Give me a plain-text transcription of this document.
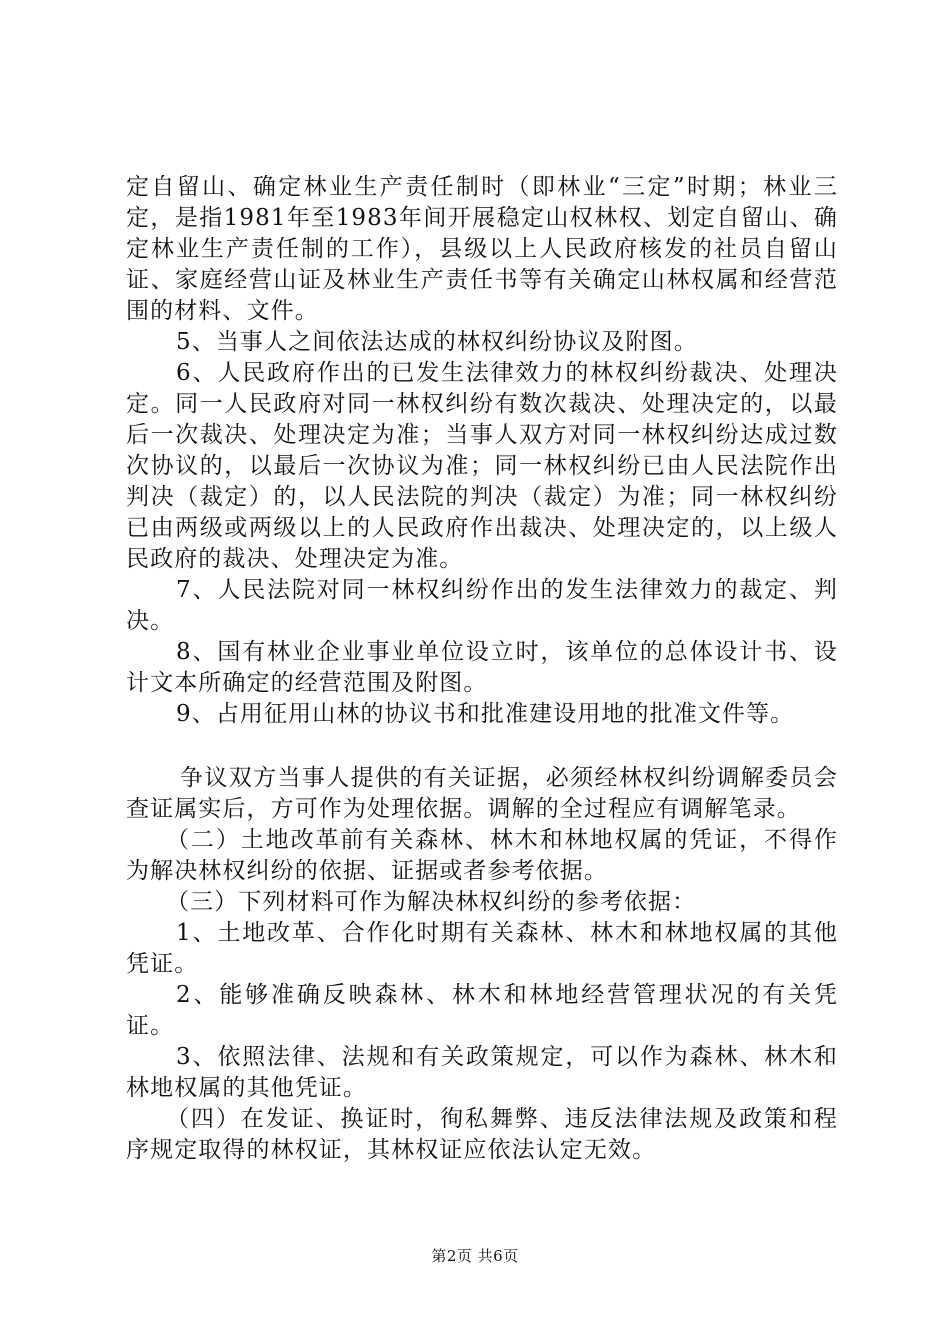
定自留山、确定林业生产责任制时（即林业“三定”时期；林业三定，是指1981年至1983年间开展稳定山权林权、划定自留山、确定林业生产责任制的工作），县级以上人民政府核发的社员自留山证、家庭经营山证及林业生产责任书等有关确定山林权属和经营范围的材料、文件。

5、当事人之间依法达成的林权纠纷协议及附图。

6、人民政府作出的已发生法律效力的林权纠纷裁决、处理决定。同一人民政府对同一林权纠纷有数次裁决、处理决定的，以最后一次裁决、处理决定为准；当事人双方对同一林权纠纷达成过数次协议的，以最后一次协议为准；同一林权纠纷已由人民法院作出判决（裁定）的，以人民法院的判决（裁定）为准；同一林权纠纷已由两级或两级以上的人民政府作出裁决、处理决定的，以上级人民政府的裁决、处理决定为准。

7、人民法院对同一林权纠纷作出的发生法律效力的裁定、判决。

8、国有林业企业事业单位设立时，该单位的总体设计书、设计文本所确定的经营范围及附图。

9、占用征用山林的协议书和批准建设用地的批准文件等。

争议双方当事人提供的有关证据，必须经林权纠纷调解委员会查证属实后，方可作为处理依据。调解的全过程应有调解笔录。

（二）土地改革前有关森林、林木和林地权属的凭证，不得作为解决林权纠纷的依据、证据或者参考依据。

（三）下列材料可作为解决林权纠纷的参考依据：

1、土地改革、合作化时期有关森林、林木和林地权属的其他凭证。

2、能够准确反映森林、林木和林地经营管理状况的有关凭证。

3、依照法律、法规和有关政策规定，可以作为森林、林木和林地权属的其他凭证。

（四）在发证、换证时，徇私舞弊、违反法律法规及政策和程序规定取得的林权证，其林权证应依法认定无效。

第2页 共6页
